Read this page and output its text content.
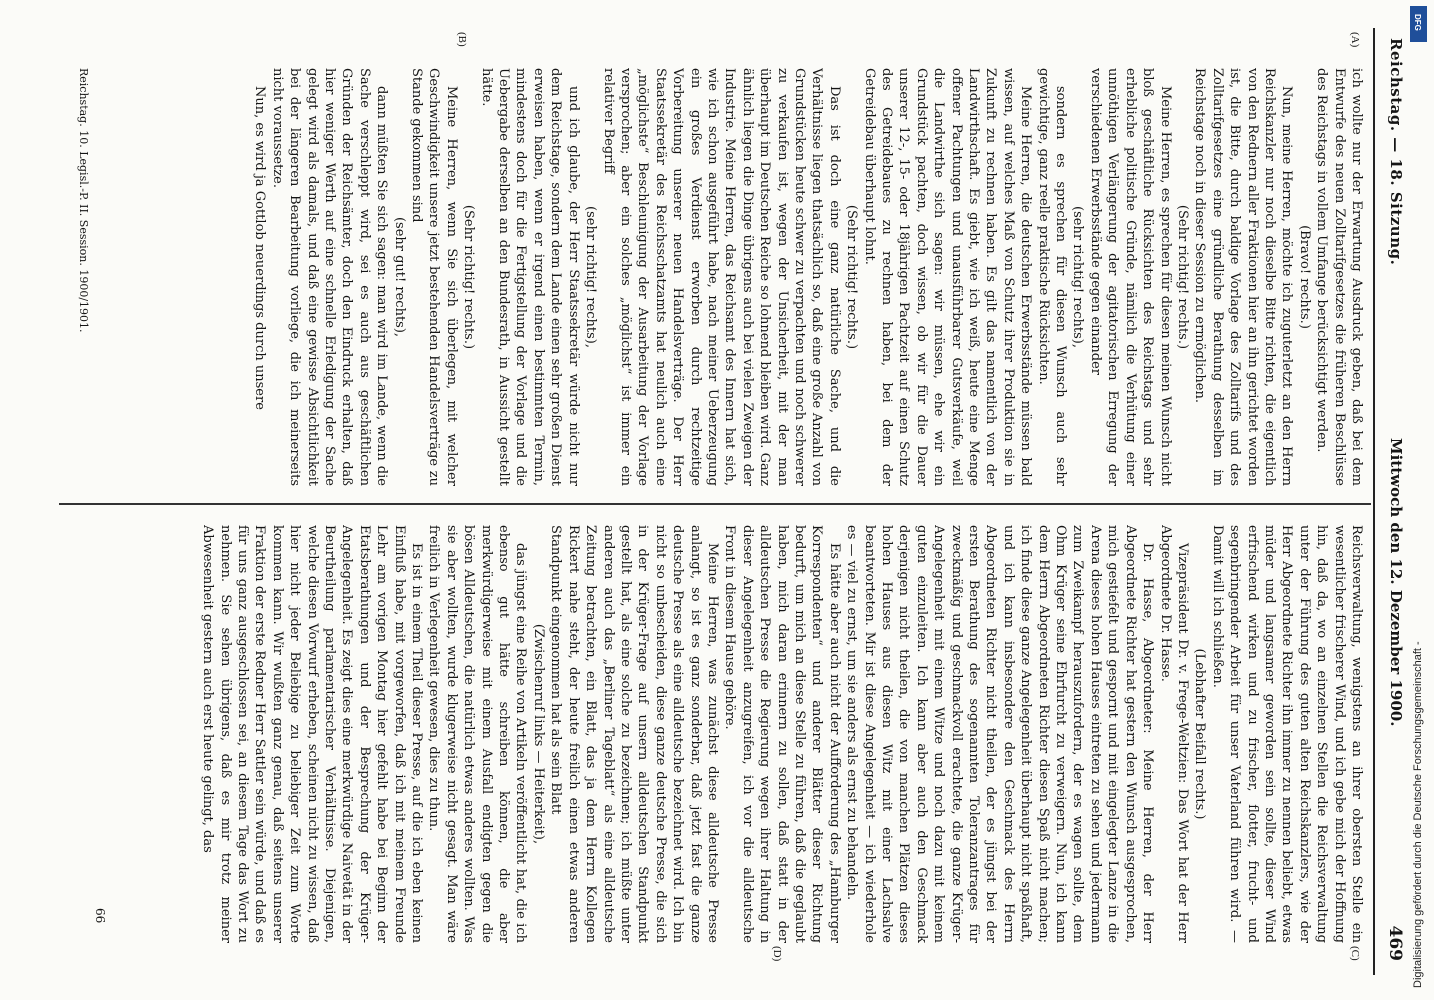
Reichstag. — 18. Sitzung.
Mittwoch den 12. Dezember 1900.
469
(A)
(B)
(C)
(D)

ich wollte nur der Erwartung Ausdruck geben, daß bei dem Entwurfe des neuen Zolltarifgesetzes die früheren Beschlüsse des Reichstags in vollem Umfange berücksichtigt werden.

(Bravo! rechts.)

Nun, meine Herren, möchte ich zuguterletzt an den Herrn Reichskanzler nur noch dieselbe Bitte richten, die eigentlich von den Rednern aller Fraktionen hier an ihn gerichtet worden ist, die Bitte, durch baldige Vorlage des Zolltarifs und des Zolltarifgesetzes eine gründliche Berathung desselben im Reichstage noch in dieser Session zu ermöglichen.

(Sehr richtig! rechts.)

Meine Herren, es sprechen für diesen meinen Wunsch nicht bloß geschäftliche Rücksichten des Reichstags und sehr erhebliche politische Gründe, nämlich die Verhütung einer unnöthigen Verlängerung der agitatorischen Erregung der verschiedenen Erwerbsstände gegen einander

(sehr richtig! rechts),

sondern es sprechen für diesen Wunsch auch sehr gewichtige, ganz reelle praktische Rücksichten.

Meine Herren, die deutschen Erwerbsstände müssen bald wissen, auf welches Maß von Schutz ihrer Produktion sie in Zukunft zu rechnen haben. Es gilt das namentlich von der Landwirthschaft. Es giebt, wie ich weiß, heute eine Menge offener Pachtungen und unausführbarer Gutsverkäufe, weil die Landwirthe sich sagen: wir müssen, ehe wir ein Grundstück pachten, doch wissen, ob wir für die Dauer unserer 12-, 15- oder 18jährigen Pachtzeit auf einen Schutz des Getreidebaues zu rechnen haben, bei dem der Getreidebau überhaupt lohnt.

(Sehr richtig! rechts.)

Das ist doch eine ganz natürliche Sache, und die Verhältnisse liegen thatsächlich so, daß eine große Anzahl von Grundstücken heute schwer zu verpachten und noch schwerer zu verkaufen ist, wegen der Unsicherheit, mit der man überhaupt im Deutschen Reiche so lohnend bleiben wird. Ganz ähnlich liegen die Dinge übrigens auch bei vielen Zweigen der Industrie. Meine Herren, das Reichsamt des Innern hat sich, wie ich schon ausgeführt habe, nach meiner Ueberzeugung ein großes Verdienst erworben durch rechtzeitige Vorbereitung unserer neuen Handelsverträge. Der Herr Staatssekretär des Reichsschatzamts hat neulich auch eine „möglichste“ Beschleunigung der Ausarbeitung der Vorlage versprochen; aber ein solches „möglichst“ ist immer ein relativer Begriff

(sehr richtig! rechts),

und ich glaube, der Herr Staatssekretär würde nicht nur dem Reichstage, sondern dem Lande einen sehr großen Dienst erweisen haben, wenn er irgend einen bestimmten Termin, mindestens doch für die Fertigstellung der Vorlage und die Uebergabe derselben an den Bundesrath, in Aussicht gestellt hätte.

(Sehr richtig! rechts.)

Meine Herren, wenn Sie sich überlegen, mit welcher Geschwindigkeit unsere jetzt bestehenden Handelsverträge zu Stande gekommen sind

(sehr gut! rechts),

dann müßten Sie sich sagen: man wird im Lande, wenn die Sache verschleppt wird, sei es auch aus geschäftlichen Gründen der Reichsämter, doch den Eindruck erhalten, daß hier weniger Werth auf eine schnelle Erledigung der Sache gelegt wird als damals, und daß eine gewisse Absichtlichkeit bei der längeren Bearbeitung vorliege, die ich meinerseits nicht voraussetze.

Nun, es wird ja Gottlob neuerdings durch unsere

Reichsverwaltung, wenigstens an ihrer obersten Stelle ein wesentlicher frischerer Wind, und ich gebe mich der Hoffnung hin, daß da, wo an einzelnen Stellen die Reichsverwaltung unter der Führung des guten alten Reichskanzlers, wie der Herr Abgeordnete Richter ihn immer zu nennen beliebt, etwas müder und langsamer geworden sein sollte, dieser Wind erfrischend wirken und zu frischer, flotter, frucht- und segenbringender Arbeit für unser Vaterland führen wird. — Damit will ich schließen.

(Lebhafter Beifall rechts.)

Vizepräsident Dr. v. Frege-Weltzien: Das Wort hat der Herr Abgeordnete Dr. Hasse.

Dr. Hasse, Abgeordneter: Meine Herren, der Herr Abgeordnete Richter hat gestern den Wunsch ausgesprochen, mich gestiefelt und gespornt und mit eingelegter Lanze in die Arena dieses hohen Hauses eintreten zu sehen und jedermann zum Zweikampf herauszufordern, der es wagen sollte, dem Ohm Krüger seine Ehrfurcht zu verweigern. Nun, ich kann dem Herrn Abgeordneten Richter diesen Spaß nicht machen; ich finde diese ganze Angelegenheit überhaupt nicht spaßhaft, und ich kann insbesondere den Geschmack des Herrn Abgeordneten Richter nicht theilen, der es jüngst bei der ersten Berathung des sogenannten Toleranzantrages für zweckmäßig und geschmackvoll erachtete, die ganze Krüger-Angelegenheit mit einem Witze und noch dazu mit keinem guten einzuleiten. Ich kann aber auch den Geschmack derjenigen nicht theilen, die von manchen Plätzen dieses hohen Hauses aus diesen Witz mit einer Lachsalve beantworteten. Mir ist diese Angelegenheit — ich wiederhole es — viel zu ernst, um sie anders als ernst zu behandeln.

Es hätte aber auch nicht der Aufforderung des „Hamburger Korrespondenten“ und anderer Blätter dieser Richtung bedurft, um mich an diese Stelle zu führen, daß die geglaubt haben, mich daran erinnern zu sollen, daß statt in der alldeutschen Presse die Regierung wegen ihrer Haltung in dieser Angelegenheit anzugreifen, ich vor die alldeutsche Front in diesem Hause gehöre.

Meine Herren, was zunächst diese alldeutsche Presse anlangt, so ist es ganz sonderbar, daß jetzt fast die ganze deutsche Presse als eine alldeutsche bezeichnet wird. Ich bin nicht so unbescheiden, diese ganze deutsche Presse, die sich in der Krüger-Frage auf unsern alldeutschen Standpunkt gestellt hat, als eine solche zu bezeichnen; ich müßte unter anderen auch das „Berliner Tageblatt“ als eine alldeutsche Zeitung betrachten, ein Blatt, das ja dem Herrn Kollegen Rickert nahe steht, der heute freilich einen etwas anderen Standpunkt eingenommen hat als sein Blatt

(Zwischenruf links — Heiterkeit),

das jüngst eine Reihe von Artikeln veröffentlicht hat, die ich ebenso gut hätte schreiben können, die aber merkwürdigerweise mit einem Ausfall endigten gegen die bösen Alldeutschen, die natürlich etwas anderes wollten. Was sie aber wollten, wurde klugerweise nicht gesagt. Man wäre freilich in Verlegenheit gewesen, dies zu thun.

Es ist in einem Theil dieser Presse, auf die ich eben keinen Einfluß habe, mit vorgeworfen, daß ich mit meinem Freunde Lehr am vorigen Montag hier gefehlt habe bei Beginn der Etatsberathungen und der Besprechung der Krüger-Angelegenheit. Es zeigt dies eine merkwürdige Naivetät in der Beurtheilung parlamentarischer Verhältnisse. Diejenigen, welche diesen Vorwurf erheben, scheinen nicht zu wissen, daß hier nicht jeder Beliebige zu beliebiger Zeit zum Worte kommen kann. Wir wußten ganz genau, daß seitens unserer Fraktion der erste Redner Herr Sattler sein würde, und daß es für uns ganz ausgeschlossen sei, an diesem Tage das Wort zu nehmen. Sie sehen übrigens, daß es mir trotz meiner Abwesenheit gestern auch erst heute gelingt, das

Reichstag. 10. Legisl.-P. II. Session. 1900/1901.
66
DFG
Digitalisierung gefördert durch die Deutsche Forschungsgemeinschaft -
